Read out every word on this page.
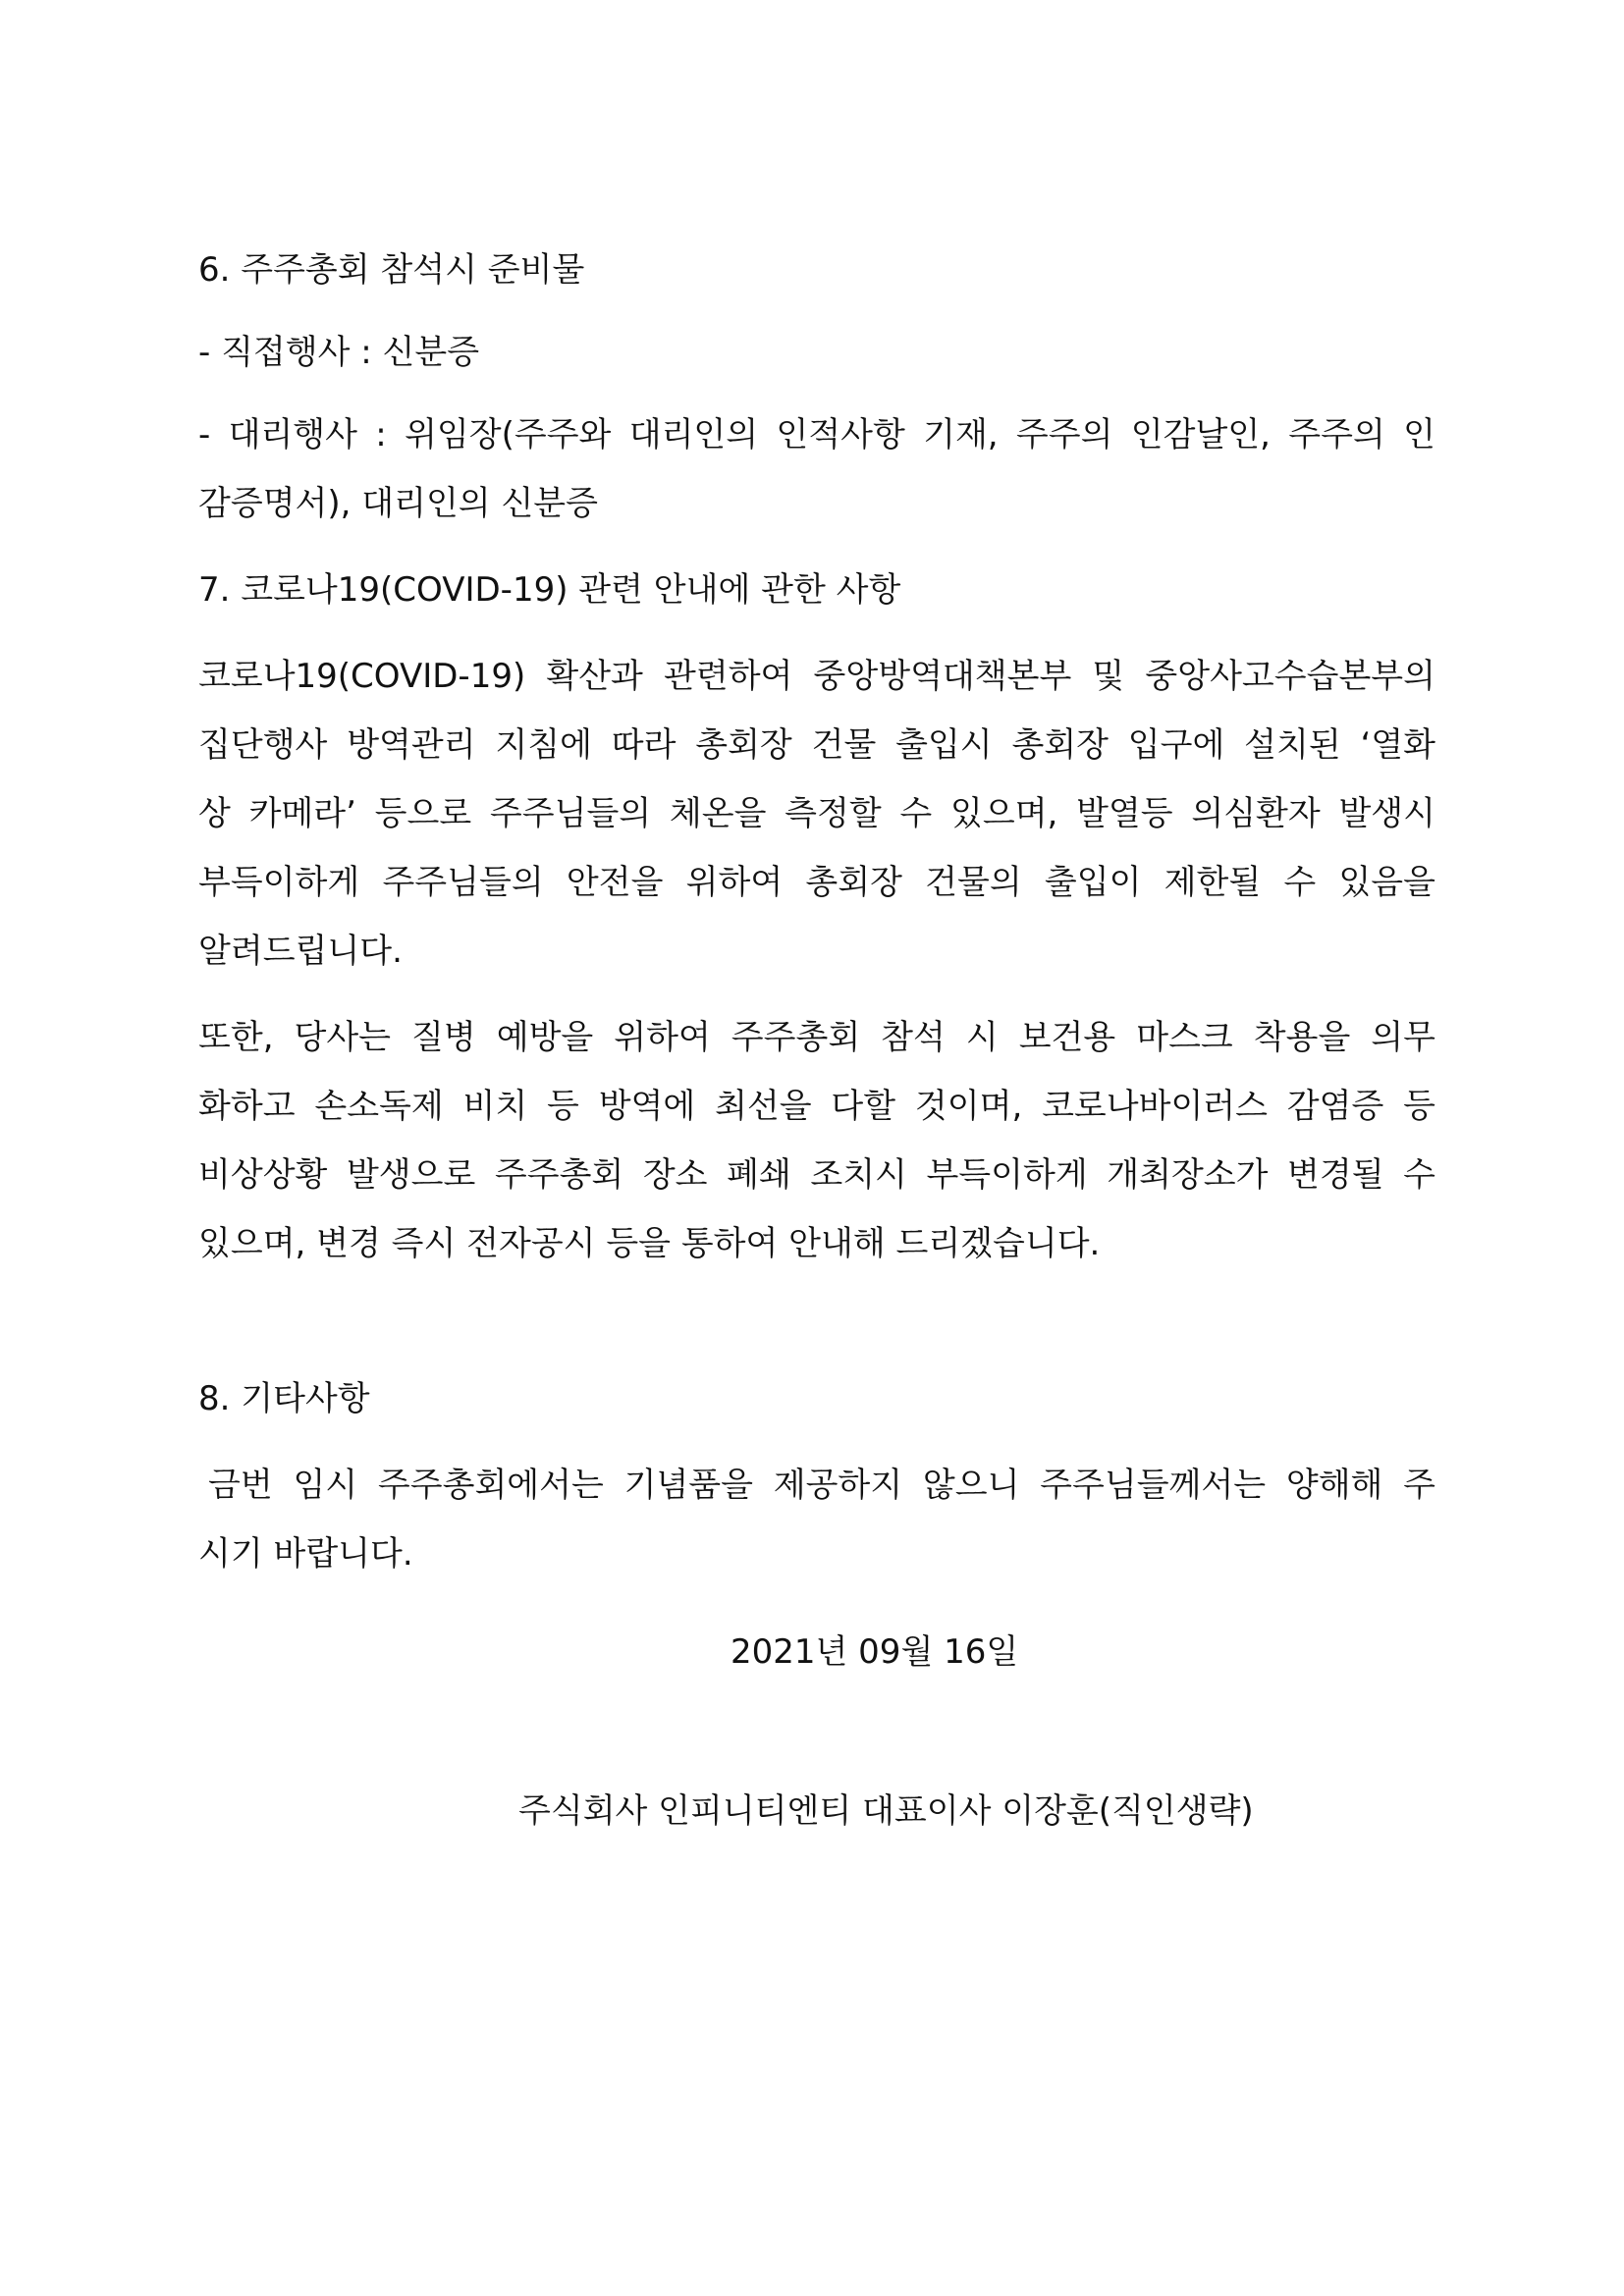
6. 주주총회 참석시 준비물
- 직접행사 : 신분증
- 대리행사 : 위임장(주주와 대리인의 인적사항 기재, 주주의 인감날인, 주주의 인
감증명서), 대리인의 신분증
7. 코로나19(COVID-19) 관련 안내에 관한 사항
코로나19(COVID-19) 확산과 관련하여 중앙방역대책본부 및 중앙사고수습본부의
집단행사 방역관리 지침에 따라 총회장 건물 출입시 총회장 입구에 설치된 ‘열화
상 카메라’ 등으로 주주님들의 체온을 측정할 수 있으며, 발열등 의심환자 발생시
부득이하게 주주님들의 안전을 위하여 총회장 건물의 출입이 제한될 수 있음을
알려드립니다.
또한, 당사는 질병 예방을 위하여 주주총회 참석 시 보건용 마스크 착용을 의무
화하고 손소독제 비치 등 방역에 최선을 다할 것이며, 코로나바이러스 감염증 등
비상상황 발생으로 주주총회 장소 폐쇄 조치시 부득이하게 개최장소가 변경될 수
있으며, 변경 즉시 전자공시 등을 통하여 안내해 드리겠습니다.
8. 기타사항
금번 임시 주주총회에서는 기념품을 제공하지 않으니 주주님들께서는 양해해 주
시기 바랍니다.
2021년 09월 16일
주식회사 인피니티엔티 대표이사 이장훈(직인생략)
